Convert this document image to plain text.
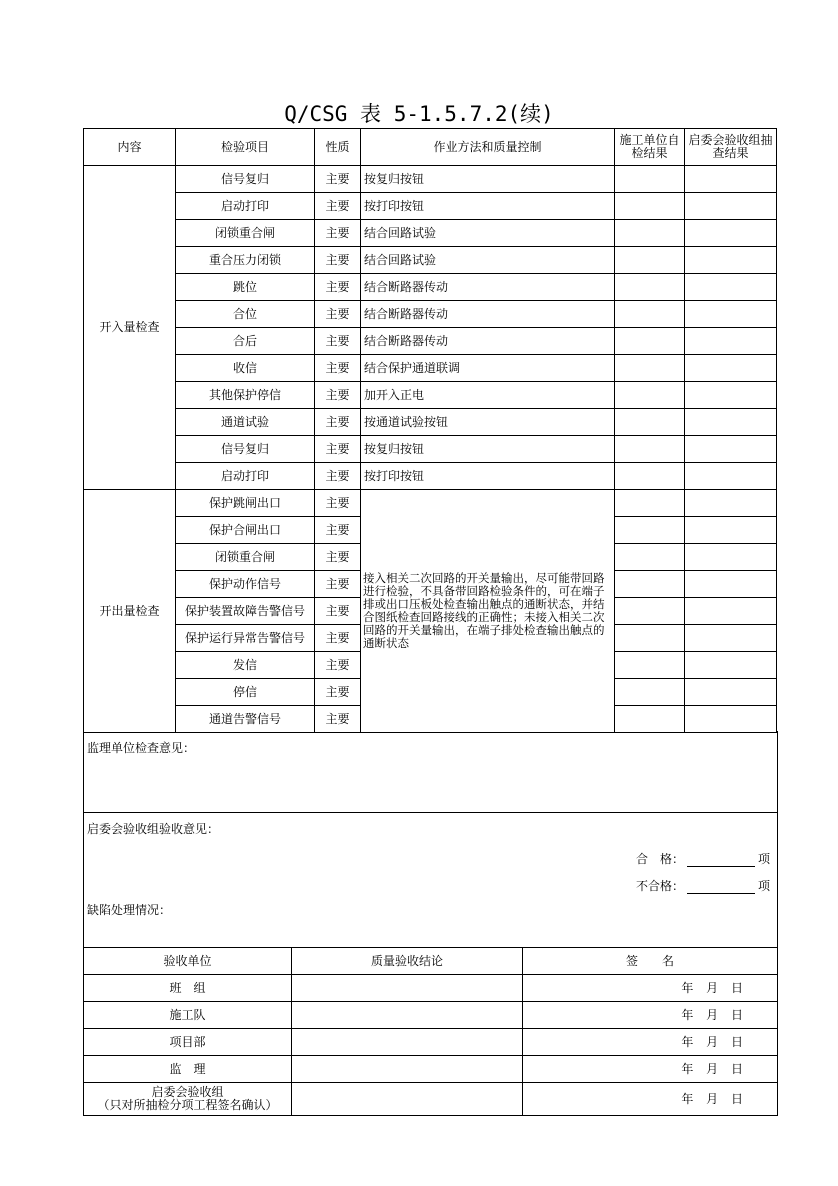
Q/CSG 表 5-1.5.7.2(续)
内容	检验项目	性质	作业方法和质量控制	施工单位自检结果	启委会验收组抽查结果
开入量检查	信号复归	主要	按复归按钮		
	启动打印	主要	按打印按钮		
	闭锁重合闸	主要	结合回路试验		
	重合压力闭锁	主要	结合回路试验		
	跳位	主要	结合断路器传动		
	合位	主要	结合断路器传动		
	合后	主要	结合断路器传动		
	收信	主要	结合保护通道联调		
	其他保护停信	主要	加开入正电		
	通道试验	主要	按通道试验按钮		
	信号复归	主要	按复归按钮		
	启动打印	主要	按打印按钮		
开出量检查	保护跳闸出口	主要	接入相关二次回路的开关量输出，尽可能带回路进行检验，不具备带回路检验条件的，可在端子排或出口压板处检查输出触点的通断状态，并结合图纸检查回路接线的正确性；未接入相关二次回路的开关量输出，在端子排处检查输出触点的通断状态		
	保护合闸出口	主要			
	闭锁重合闸	主要			
	保护动作信号	主要			
	保护装置故障告警信号	主要			
	保护运行异常告警信号	主要			
	发信	主要			
	停信	主要			
	通道告警信号	主要			
监理单位检查意见：
启委会验收组验收意见：
合　格：	项
不合格：	项
缺陷处理情况：
验收单位	质量验收结论	签　　名
班　组		年 月 日
施工队		年 月 日
项目部		年 月 日
监　理		年 月 日
启委会验收组
（只对所抽检分项工程签名确认）		年 月 日
